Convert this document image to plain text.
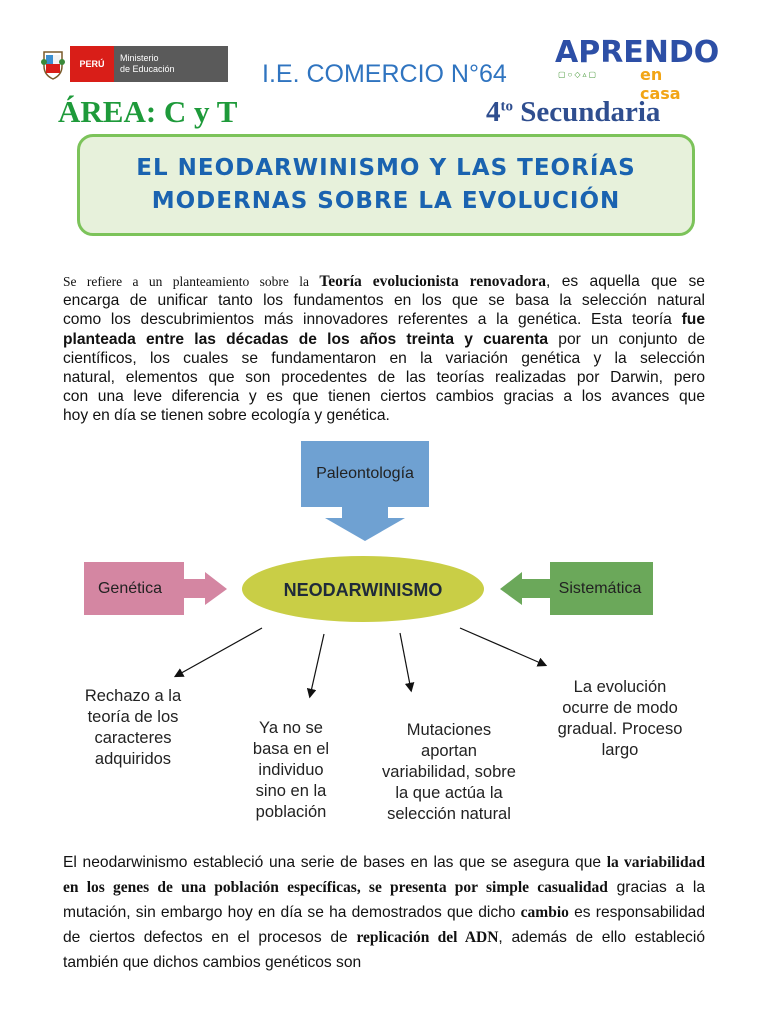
PERÚ
Ministerio
de Educación	I.E. COMERCIO N°64
APRENDO
▢○◇▵▢	en casa
ÁREA: C y T	$4^{to}$ Secundaria
EL NEODARWINISMO Y LAS TEORÍAS
MODERNAS SOBRE LA EVOLUCIÓN
Se refiere a un planteamiento sobre la Teoría evolucionista renovadora, es aquella que se
encarga de unificar tanto los fundamentos en los que se basa la selección natural
como los descubrimientos más innovadores referentes a la genética. Esta teoría fue
planteada entre las décadas de los años treinta y cuarenta por un conjunto de
científicos, los cuales se fundamentaron en la variación genética y la selección
natural, elementos que son procedentes de las teorías realizadas por Darwin, pero
con una leve diferencia y es que tienen ciertos cambios gracias a los avances que
hoy en día se tienen sobre ecología y genética.
Paleontología
Genética	Sistemática
NEODARWINISMO
Rechazo a la
teoría de los
caracteres
adquiridos
Ya no se
basa en el
individuo
sino en la
población
Mutaciones
aportan
variabilidad, sobre
la que actúa la
selección natural
La evolución
ocurre de modo
gradual. Proceso
largo
El neodarwinismo estableció una serie de bases en las que se asegura que la variabilidad en los genes de una población específicas, se presenta por simple casualidad gracias a la mutación, sin embargo hoy en día se ha demostrados que dicho cambio es responsabilidad de ciertos defectos en el procesos de replicación del ADN, además de ello estableció también que dichos cambios genéticos son
